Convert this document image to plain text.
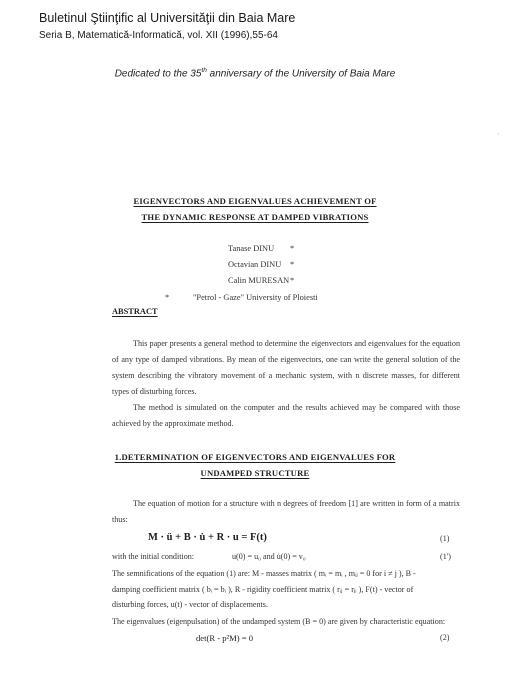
Buletinul Ştiinţific al Universităţii din Baia Mare
Seria B, Matematică-Informatică, vol. XII (1996),55-64
Dedicated to the 35th anniversary of the University of Baia Mare
·
EIGENVECTORS AND EIGENVALUES ACHIEVEMENT OF
THE DYNAMIC RESPONSE AT DAMPED VIBRATIONS
Tanase DINU *
Octavian DINU *
Calin MURESAN *
*	"Petrol - Gaze" University of Ploiesti
ABSTRACT
This paper presents a general method to determine the eigenvectors and eigenvalues for the equation of any type of damped vibrations. By mean of the eigenvectors, one can write the general solution of the system describing the vibratory movement of a mechanic system, with n discrete masses, for different types of disturbing forces.
The method is simulated on the computer and the results achieved may be compared with those achieved by the approximate method.
1.DETERMINATION OF EIGENVECTORS AND EIGENVALUES FOR
UNDAMPED STRUCTURE
The equation of motion for a structure with n degrees of freedom [1] are written in form of a matrix thus:
M · ü + B · u̇ + R · u = F(t)	(1)
with the initial condition:	u(0) = u₀ and u̇(0) = v₀	(1')
The semnifications of the equation (1) are: M - masses matrix ( mᵢ = mᵢ , mᵢⱼ = 0 for i ≠ j ), B -
damping coefficient matrix ( bᵢ = bᵢ ), R - rigidity coefficient matrix ( rᵢⱼ = rⱼᵢ ), F(t) - vector of
disturbing forces, u(t) - vector of displacements.
The eigenvalues (eigenpulsation) of the undamped system (B = 0) are given by characteristic equation:
det(R - p²M) = 0	(2)
